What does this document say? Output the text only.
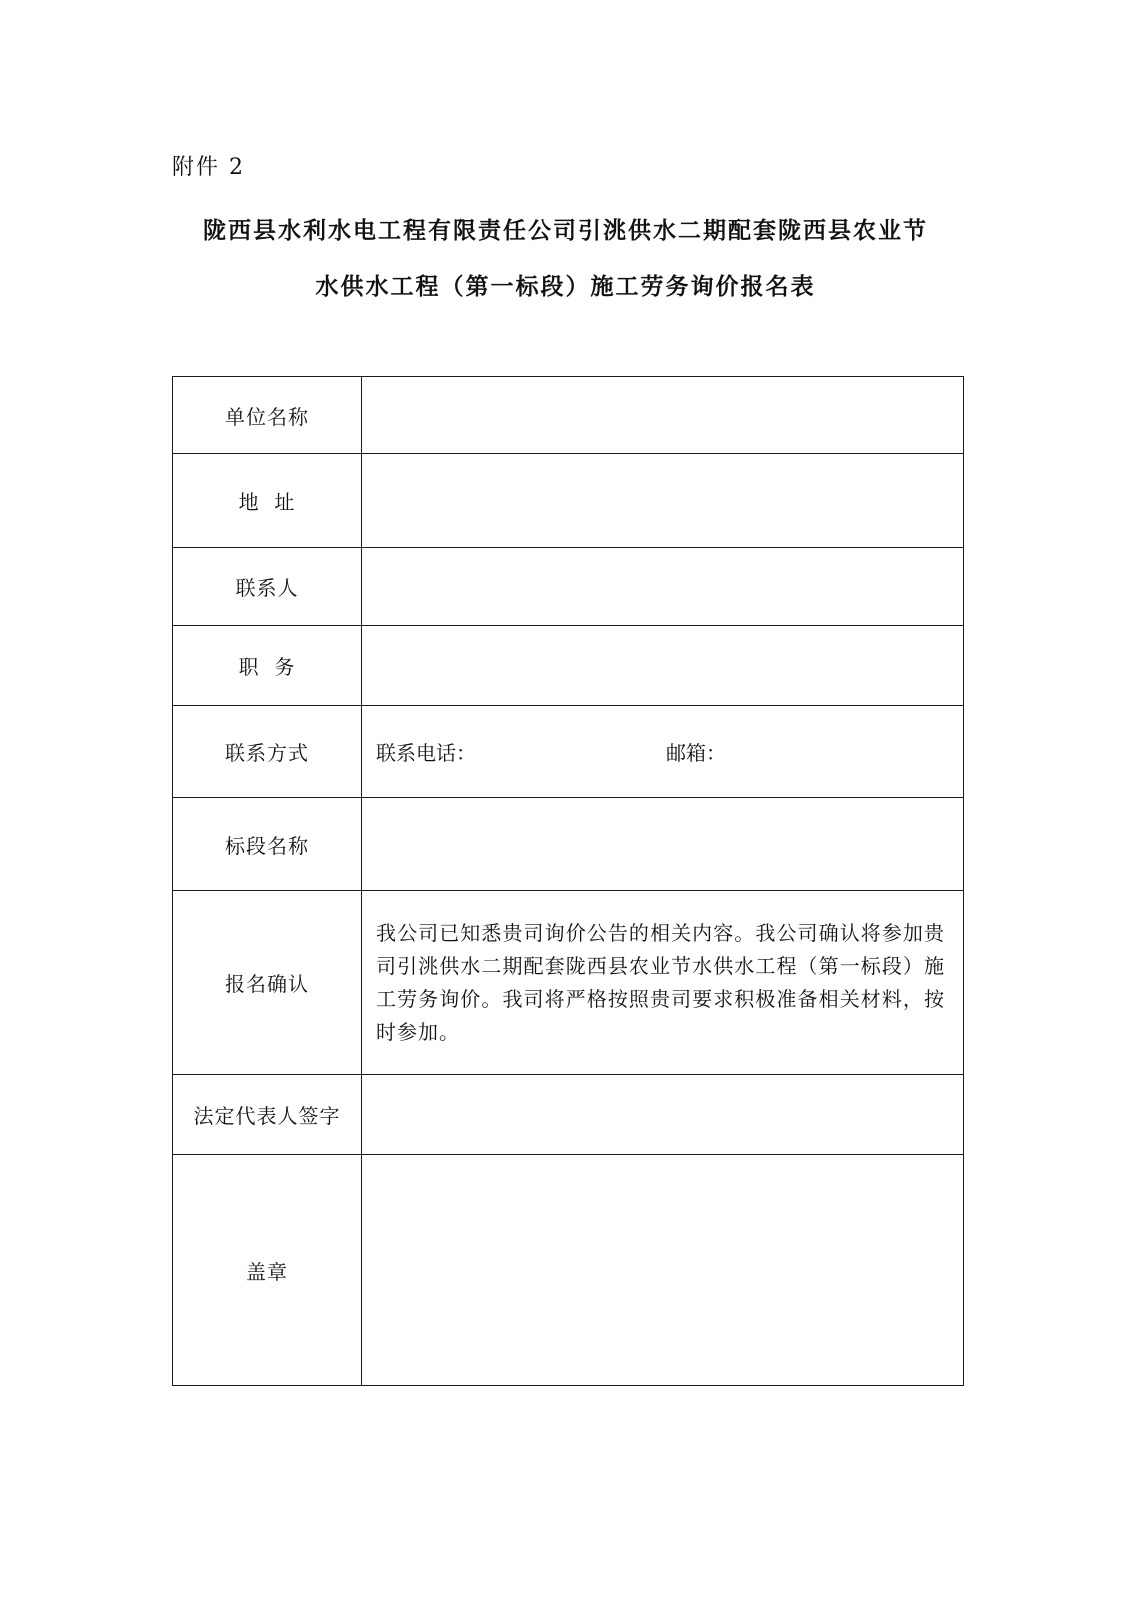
附件 2
陇西县水利水电工程有限责任公司引洮供水二期配套陇西县农业节
水供水工程（第一标段）施工劳务询价报名表
单位名称	
地  址	
联系人	
职  务	
联系方式	联系电话： 邮箱：

标段名称	
报名确认	我公司已知悉贵司询价公告的相关内容。我公司确认将参加贵司引洮供水二期配套陇西县农业节水供水工程（第一标段）施工劳务询价。我司将严格按照贵司要求积极准备相关材料，按时参加。

法定代表人签字	
盖章	
